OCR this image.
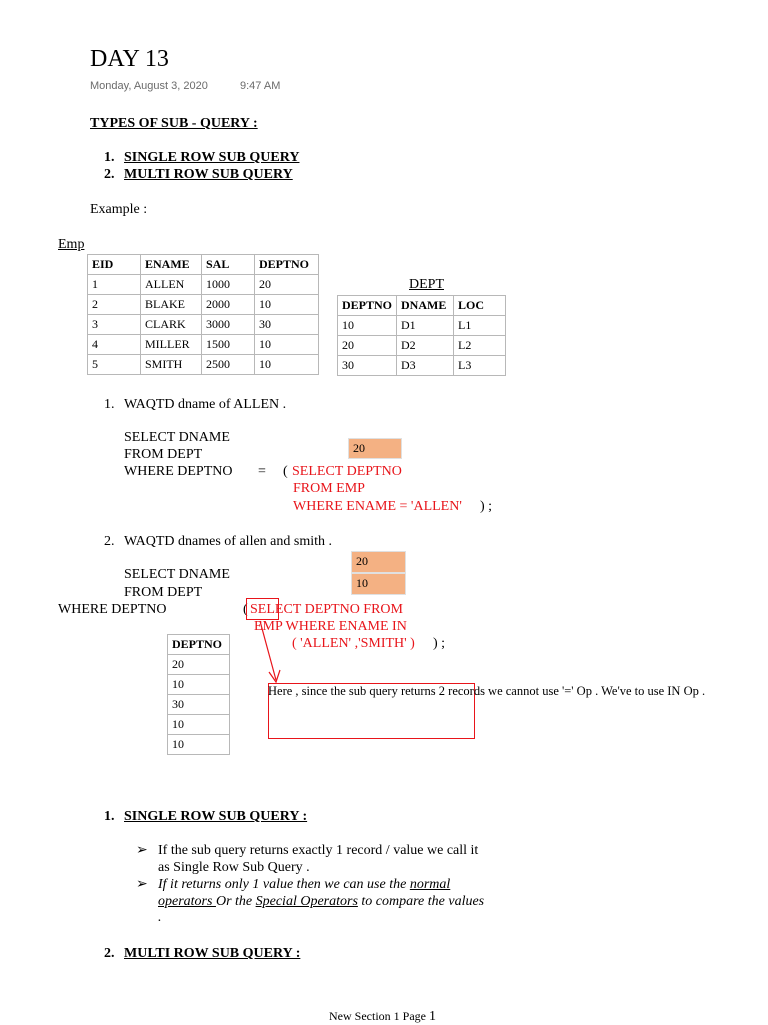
DAY 13
Monday, August 3, 2020	9:47 AM
TYPES OF SUB - QUERY :
1. SINGLE ROW SUB QUERY
2. MULTI ROW SUB QUERY
Example :
Emp
EID	ENAME	SAL	DEPTNO
1	ALLEN	1000	20
2	BLAKE	2000	10
3	CLARK	3000	30
4	MILLER	1500	10
5	SMITH	2500	10
DEPT
DEPTNO	DNAME	LOC
10	D1	L1
20	D2	L2
30	D3	L3
1. WAQTD dname of ALLEN .
SELECT DNAME
FROM DEPT
WHERE DEPTNO = ( SELECT DEPTNO
FROM EMP
WHERE ENAME = 'ALLEN' ) ;
20
2. WAQTD dnames of allen and smith .
20
10
SELECT DNAME
FROM DEPT
WHERE DEPTNO	( SELECT DEPTNO FROM
EMP WHERE ENAME IN
( 'ALLEN' ,'SMITH' ) ) ;
Here , since the sub query returns 2 records we cannot use '=' Op . We've to use IN Op .
DEPTNO
20
10
30
10
10
1. SINGLE ROW SUB QUERY :
➢ If the sub query returns exactly 1 record / value we call it
as Single Row Sub Query .
➢ If it returns only 1 value then we can use the normal
operators Or the Special Operators to compare the values
.
2. MULTI ROW SUB QUERY :
New Section 1 Page 1
